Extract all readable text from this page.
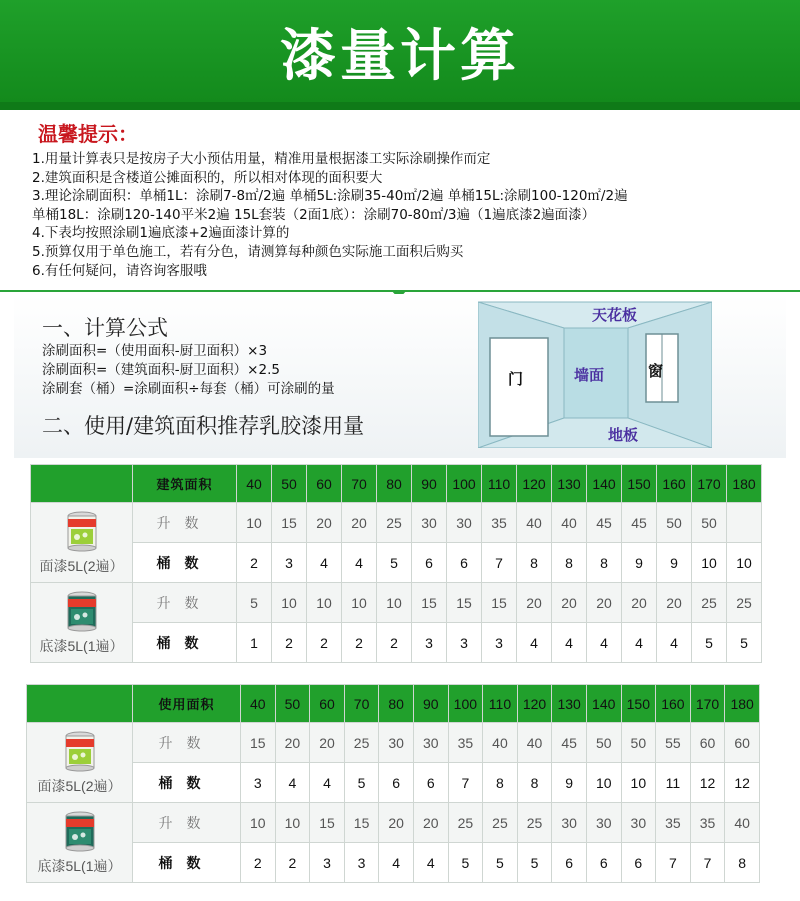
漆量计算
温馨提示：
1.用量计算表只是按房子大小预估用量，精准用量根据漆工实际涂刷操作而定
2.建筑面积是含楼道公摊面积的，所以相对体现的面积要大
3.理论涂刷面积：单桶1L：涂刷7-8㎡/2遍 单桶5L:涂刷35-40㎡/2遍 单桶15L:涂刷100-120㎡/2遍
单桶18L：涂刷120-140平米2遍 15L套装（2面1底）：涂刷70-80㎡/3遍（1遍底漆2遍面漆）
4.下表均按照涂刷1遍底漆+2遍面漆计算的
5.预算仅用于单色施工，若有分色，请测算每种颜色实际施工面积后购买
6.有任何疑问，请咨询客服哦
一、计算公式
涂刷面积=（使用面积-厨卫面积）×3
涂刷面积=（建筑面积-厨卫面积）×2.5
涂刷套（桶）=涂刷面积÷每套（桶）可涂刷的量
二、使用/建筑面积推荐乳胶漆用量
天花板
门	墙面	窗
地板
	建筑面积	40	50	60	70	80	90	100	110	120	130	140	150	160	170	180

面漆5L(2遍）	升数	10	15	20	20	25	30	30	35	40	40	45	45	50	50	
	桶数	2	3	4	4	5	6	6	7	8	8	8	9	9	10	10

底漆5L(1遍）	升数	5	10	10	10	10	15	15	15	20	20	20	20	20	25	25
	桶数	1	2	2	2	2	3	3	3	4	4	4	4	4	5	5
	使用面积	40	50	60	70	80	90	100	110	120	130	140	150	160	170	180

面漆5L(2遍）	升数	15	20	20	25	30	30	35	40	40	45	50	50	55	60	60
	桶数	3	4	4	5	6	6	7	8	8	9	10	10	11	12	12

底漆5L(1遍）	升数	10	10	15	15	20	20	25	25	25	30	30	30	35	35	40
	桶数	2	2	3	3	4	4	5	5	5	6	6	6	7	7	8
